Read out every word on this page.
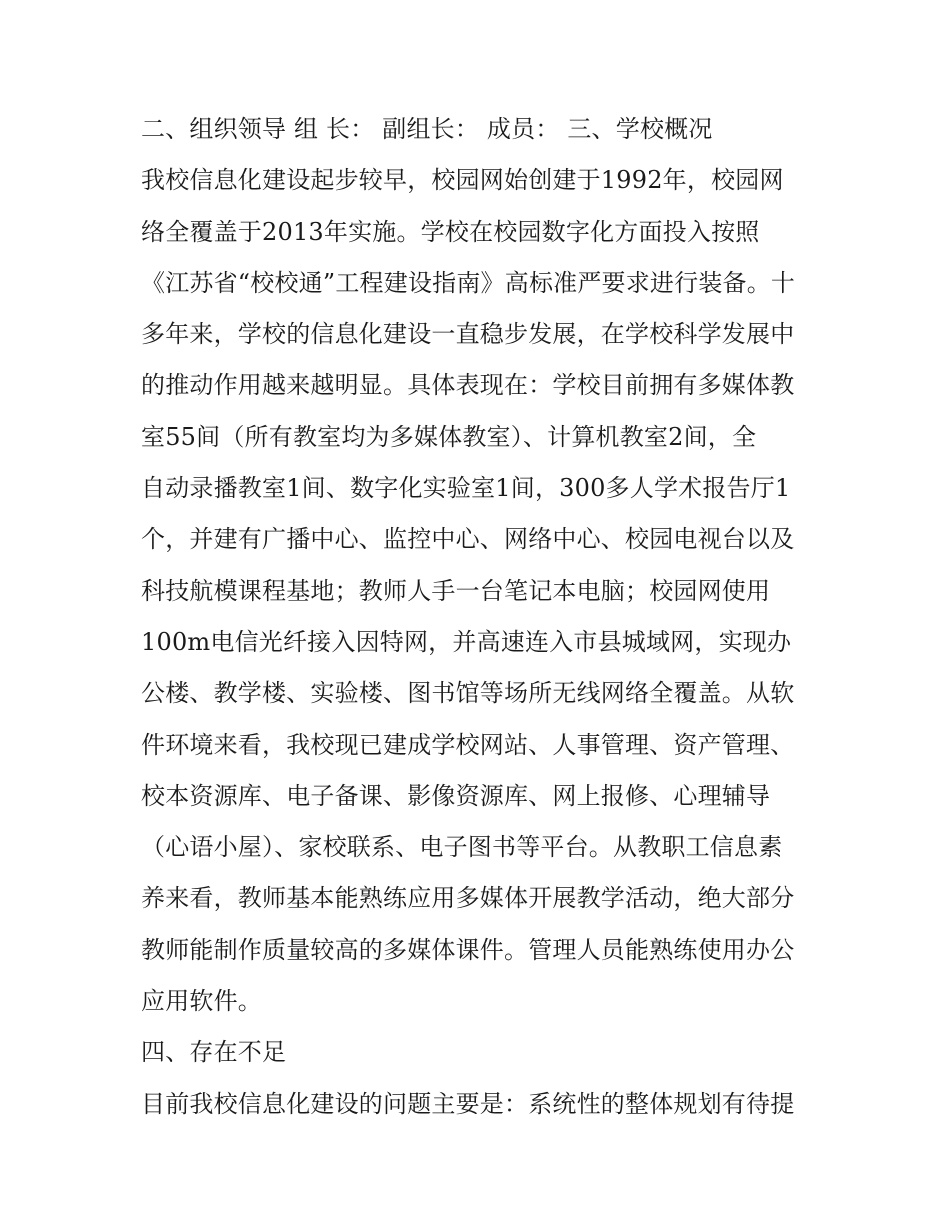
二、组织领导 组 长： 副组长： 成员： 三、学校概况

我校信息化建设起步较早，校园网始创建于1992年，校园网

络全覆盖于2013年实施。学校在校园数字化方面投入按照

《江苏省“校校通”工程建设指南》高标准严要求进行装备。十

多年来，学校的信息化建设一直稳步发展，在学校科学发展中

的推动作用越来越明显。具体表现在：学校目前拥有多媒体教

室55间（所有教室均为多媒体教室）、计算机教室2间，全

自动录播教室1间、数字化实验室1间，300多人学术报告厅1

个，并建有广播中心、监控中心、网络中心、校园电视台以及

科技航模课程基地；教师人手一台笔记本电脑；校园网使用

100m电信光纤接入因特网，并高速连入市县城域网，实现办

公楼、教学楼、实验楼、图书馆等场所无线网络全覆盖。从软

件环境来看，我校现已建成学校网站、人事管理、资产管理、

校本资源库、电子备课、影像资源库、网上报修、心理辅导

（心语小屋）、家校联系、电子图书等平台。从教职工信息素

养来看，教师基本能熟练应用多媒体开展教学活动，绝大部分

教师能制作质量较高的多媒体课件。管理人员能熟练使用办公

应用软件。

四、存在不足

目前我校信息化建设的问题主要是：系统性的整体规划有待提
